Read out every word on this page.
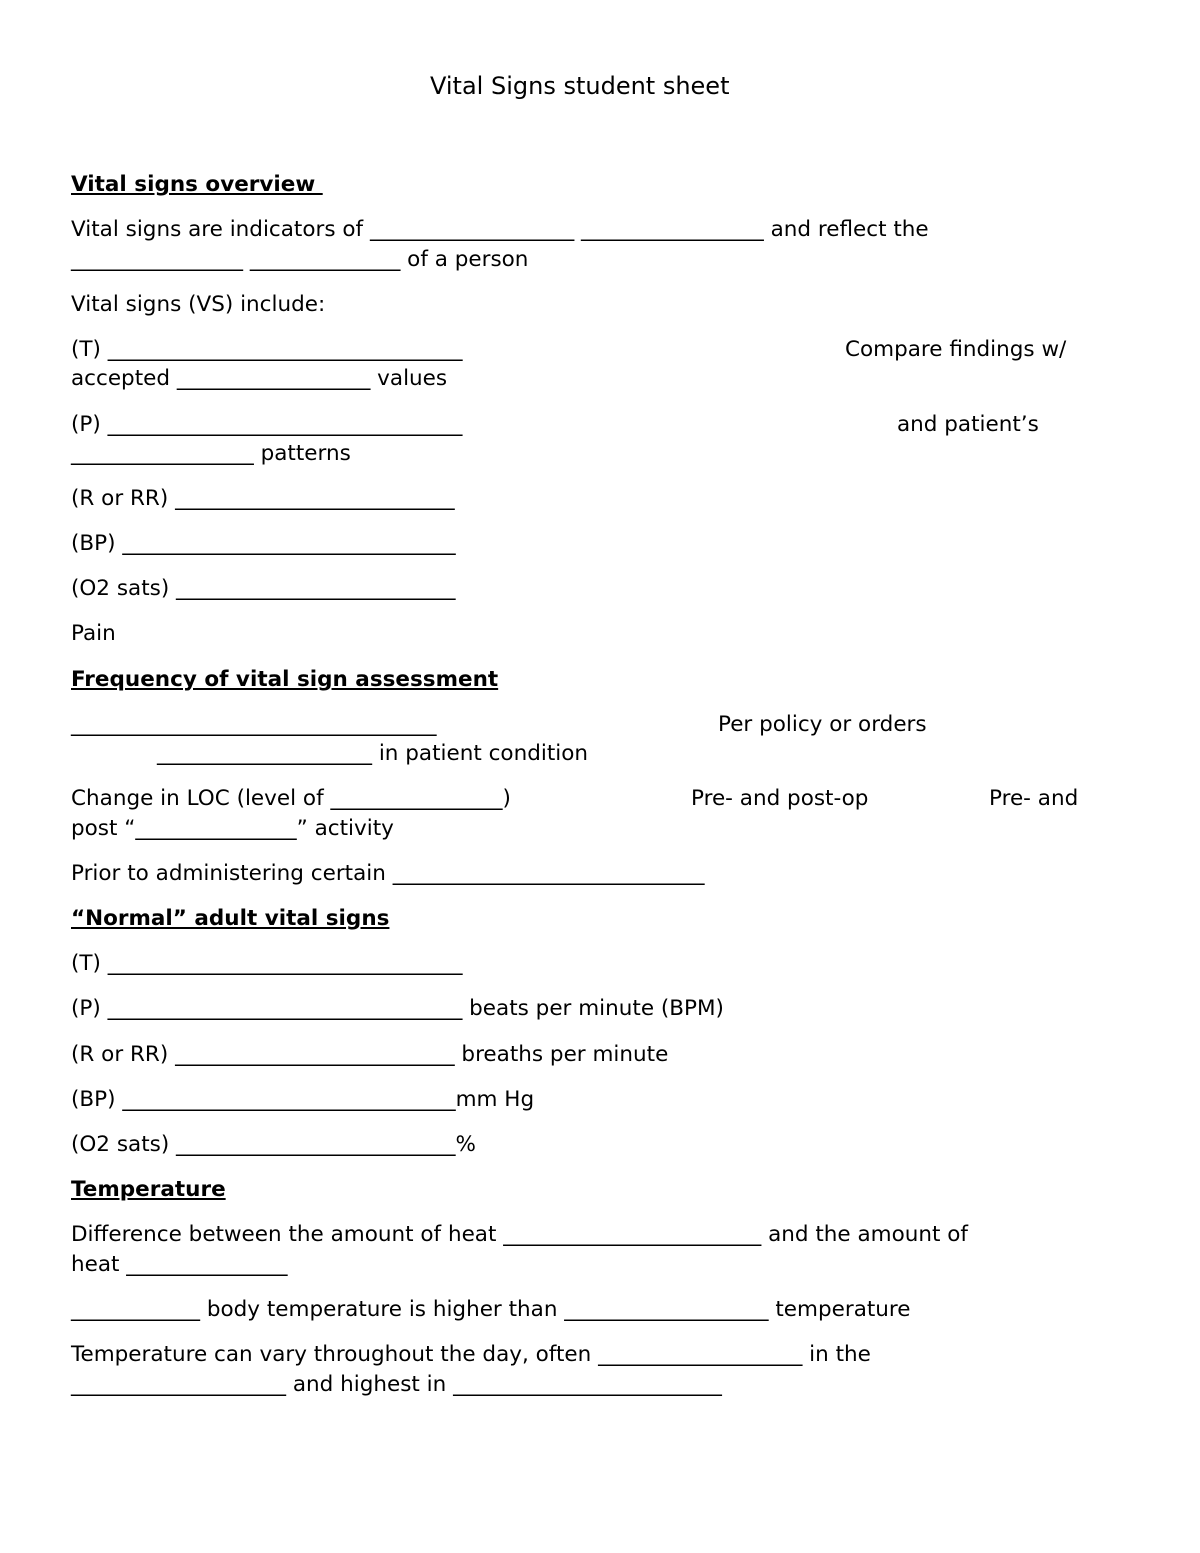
Vital Signs student sheet
Vital signs overview
Vital signs are indicators of ___________________ _________________ and reflect the
________________ ______________ of a person
Vital signs (VS) include:
(T) _________________________________	Compare findings w/
accepted __________________ values
(P) _________________________________	and patient’s
_________________ patterns
(R or RR) __________________________
(BP) _______________________________
(O2 sats) __________________________
Pain
Frequency of vital sign assessment
__________________________________	Per policy or orders
____________________ in patient condition
Change in LOC (level of ________________)	Pre- and post-op	Pre- and
post “_______________” activity
Prior to administering certain _____________________________
“Normal” adult vital signs
(T) _________________________________
(P) _________________________________ beats per minute (BPM)
(R or RR) __________________________ breaths per minute
(BP) _______________________________mm Hg
(O2 sats) __________________________%
Temperature
Difference between the amount of heat ________________________ and the amount of
heat _______________
____________ body temperature is higher than ___________________ temperature
Temperature can vary throughout the day, often ___________________ in the
____________________ and highest in _________________________
